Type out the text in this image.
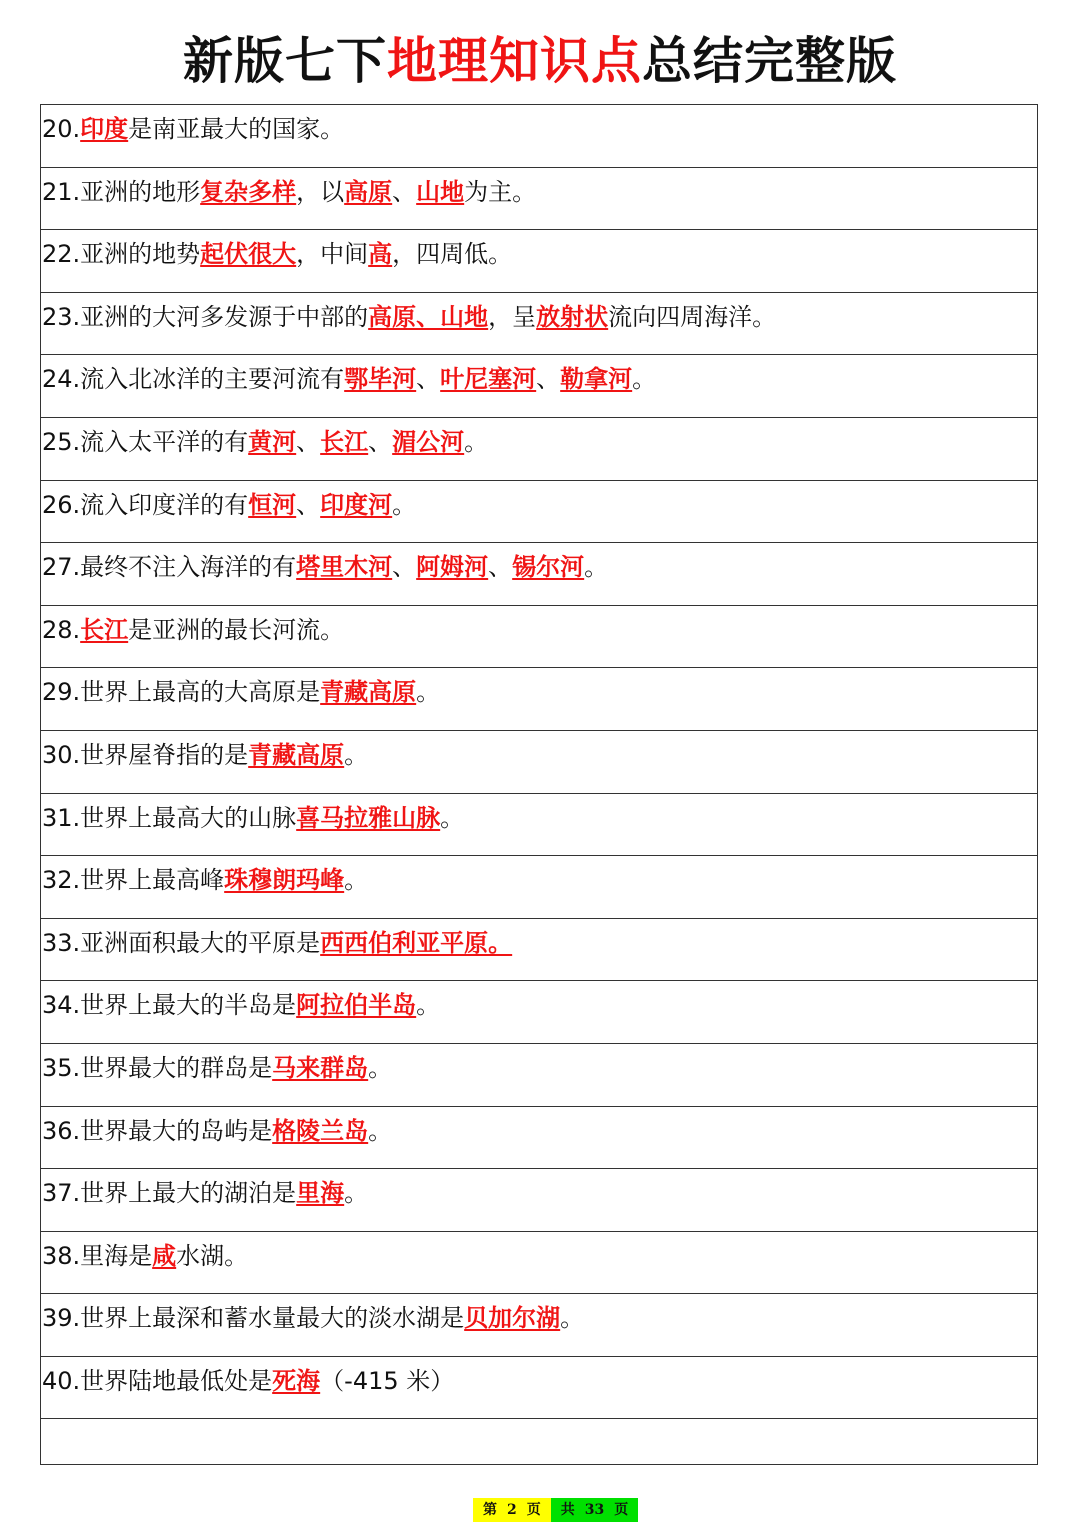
新版七下地理知识点总结完整版
20.印度是南亚最大的国家。
21.亚洲的地形复杂多样，以高原、山地为主。
22.亚洲的地势起伏很大，中间高，四周低。
23.亚洲的大河多发源于中部的高原、山地，呈放射状流向四周海洋。
24.流入北冰洋的主要河流有鄂毕河、叶尼塞河、勒拿河。
25.流入太平洋的有黄河、长江、湄公河。
26.流入印度洋的有恒河、印度河。
27.最终不注入海洋的有塔里木河、阿姆河、锡尔河。
28.长江是亚洲的最长河流。
29.世界上最高的大高原是青藏高原。
30.世界屋脊指的是青藏高原。
31.世界上最高大的山脉喜马拉雅山脉。
32.世界上最高峰珠穆朗玛峰。
33.亚洲面积最大的平原是西西伯利亚平原。
34.世界上最大的半岛是阿拉伯半岛。
35.世界最大的群岛是马来群岛。
36.世界最大的岛屿是格陵兰岛。
37.世界上最大的湖泊是里海。
38.里海是咸水湖。
39.世界上最深和蓄水量最大的淡水湖是贝加尔湖。
40.世界陆地最低处是死海（-415 米）
第 2 页	共 33 页
